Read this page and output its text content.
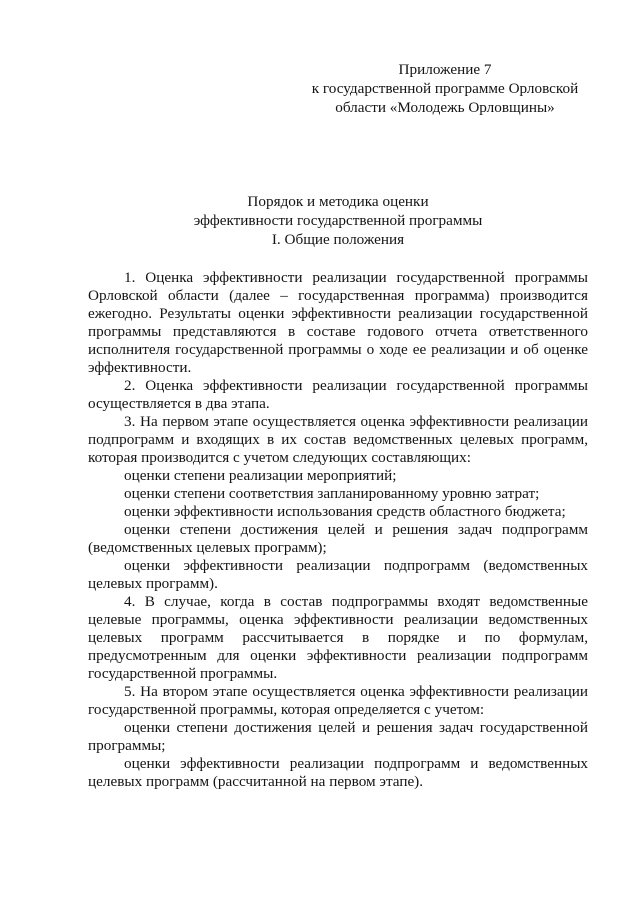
Приложение 7
к государственной программе Орловской
области «Молодежь Орловщины»
Порядок и методика оценки
эффективности государственной программы
I. Общие положения

1. Оценка эффективности реализации государственной программы Орловской области (далее – государственная программа) производится ежегодно. Результаты оценки эффективности реализации государственной программы представляются в составе годового отчета ответственного исполнителя государственной программы о ходе ее реализации и об оценке эффективности.

2. Оценка эффективности реализации государственной программы осуществляется в два этапа.

3. На первом этапе осуществляется оценка эффективности реализации подпрограмм и входящих в их состав ведомственных целевых программ, которая производится с учетом следующих составляющих:

оценки степени реализации мероприятий;

оценки степени соответствия запланированному уровню затрат;

оценки эффективности использования средств областного бюджета;

оценки степени достижения целей и решения задач подпрограмм (ведомственных целевых программ);

оценки эффективности реализации подпрограмм (ведомственных целевых программ).

4. В случае, когда в состав подпрограммы входят ведомственные целевые программы, оценка эффективности реализации ведомственных целевых программ рассчитывается в порядке и по формулам, предусмотренным для оценки эффективности реализации подпрограмм государственной программы.

5. На втором этапе осуществляется оценка эффективности реализации государственной программы, которая определяется с учетом:

оценки степени достижения целей и решения задач государственной программы;

оценки эффективности реализации подпрограмм и ведомственных целевых программ (рассчитанной на первом этапе).
